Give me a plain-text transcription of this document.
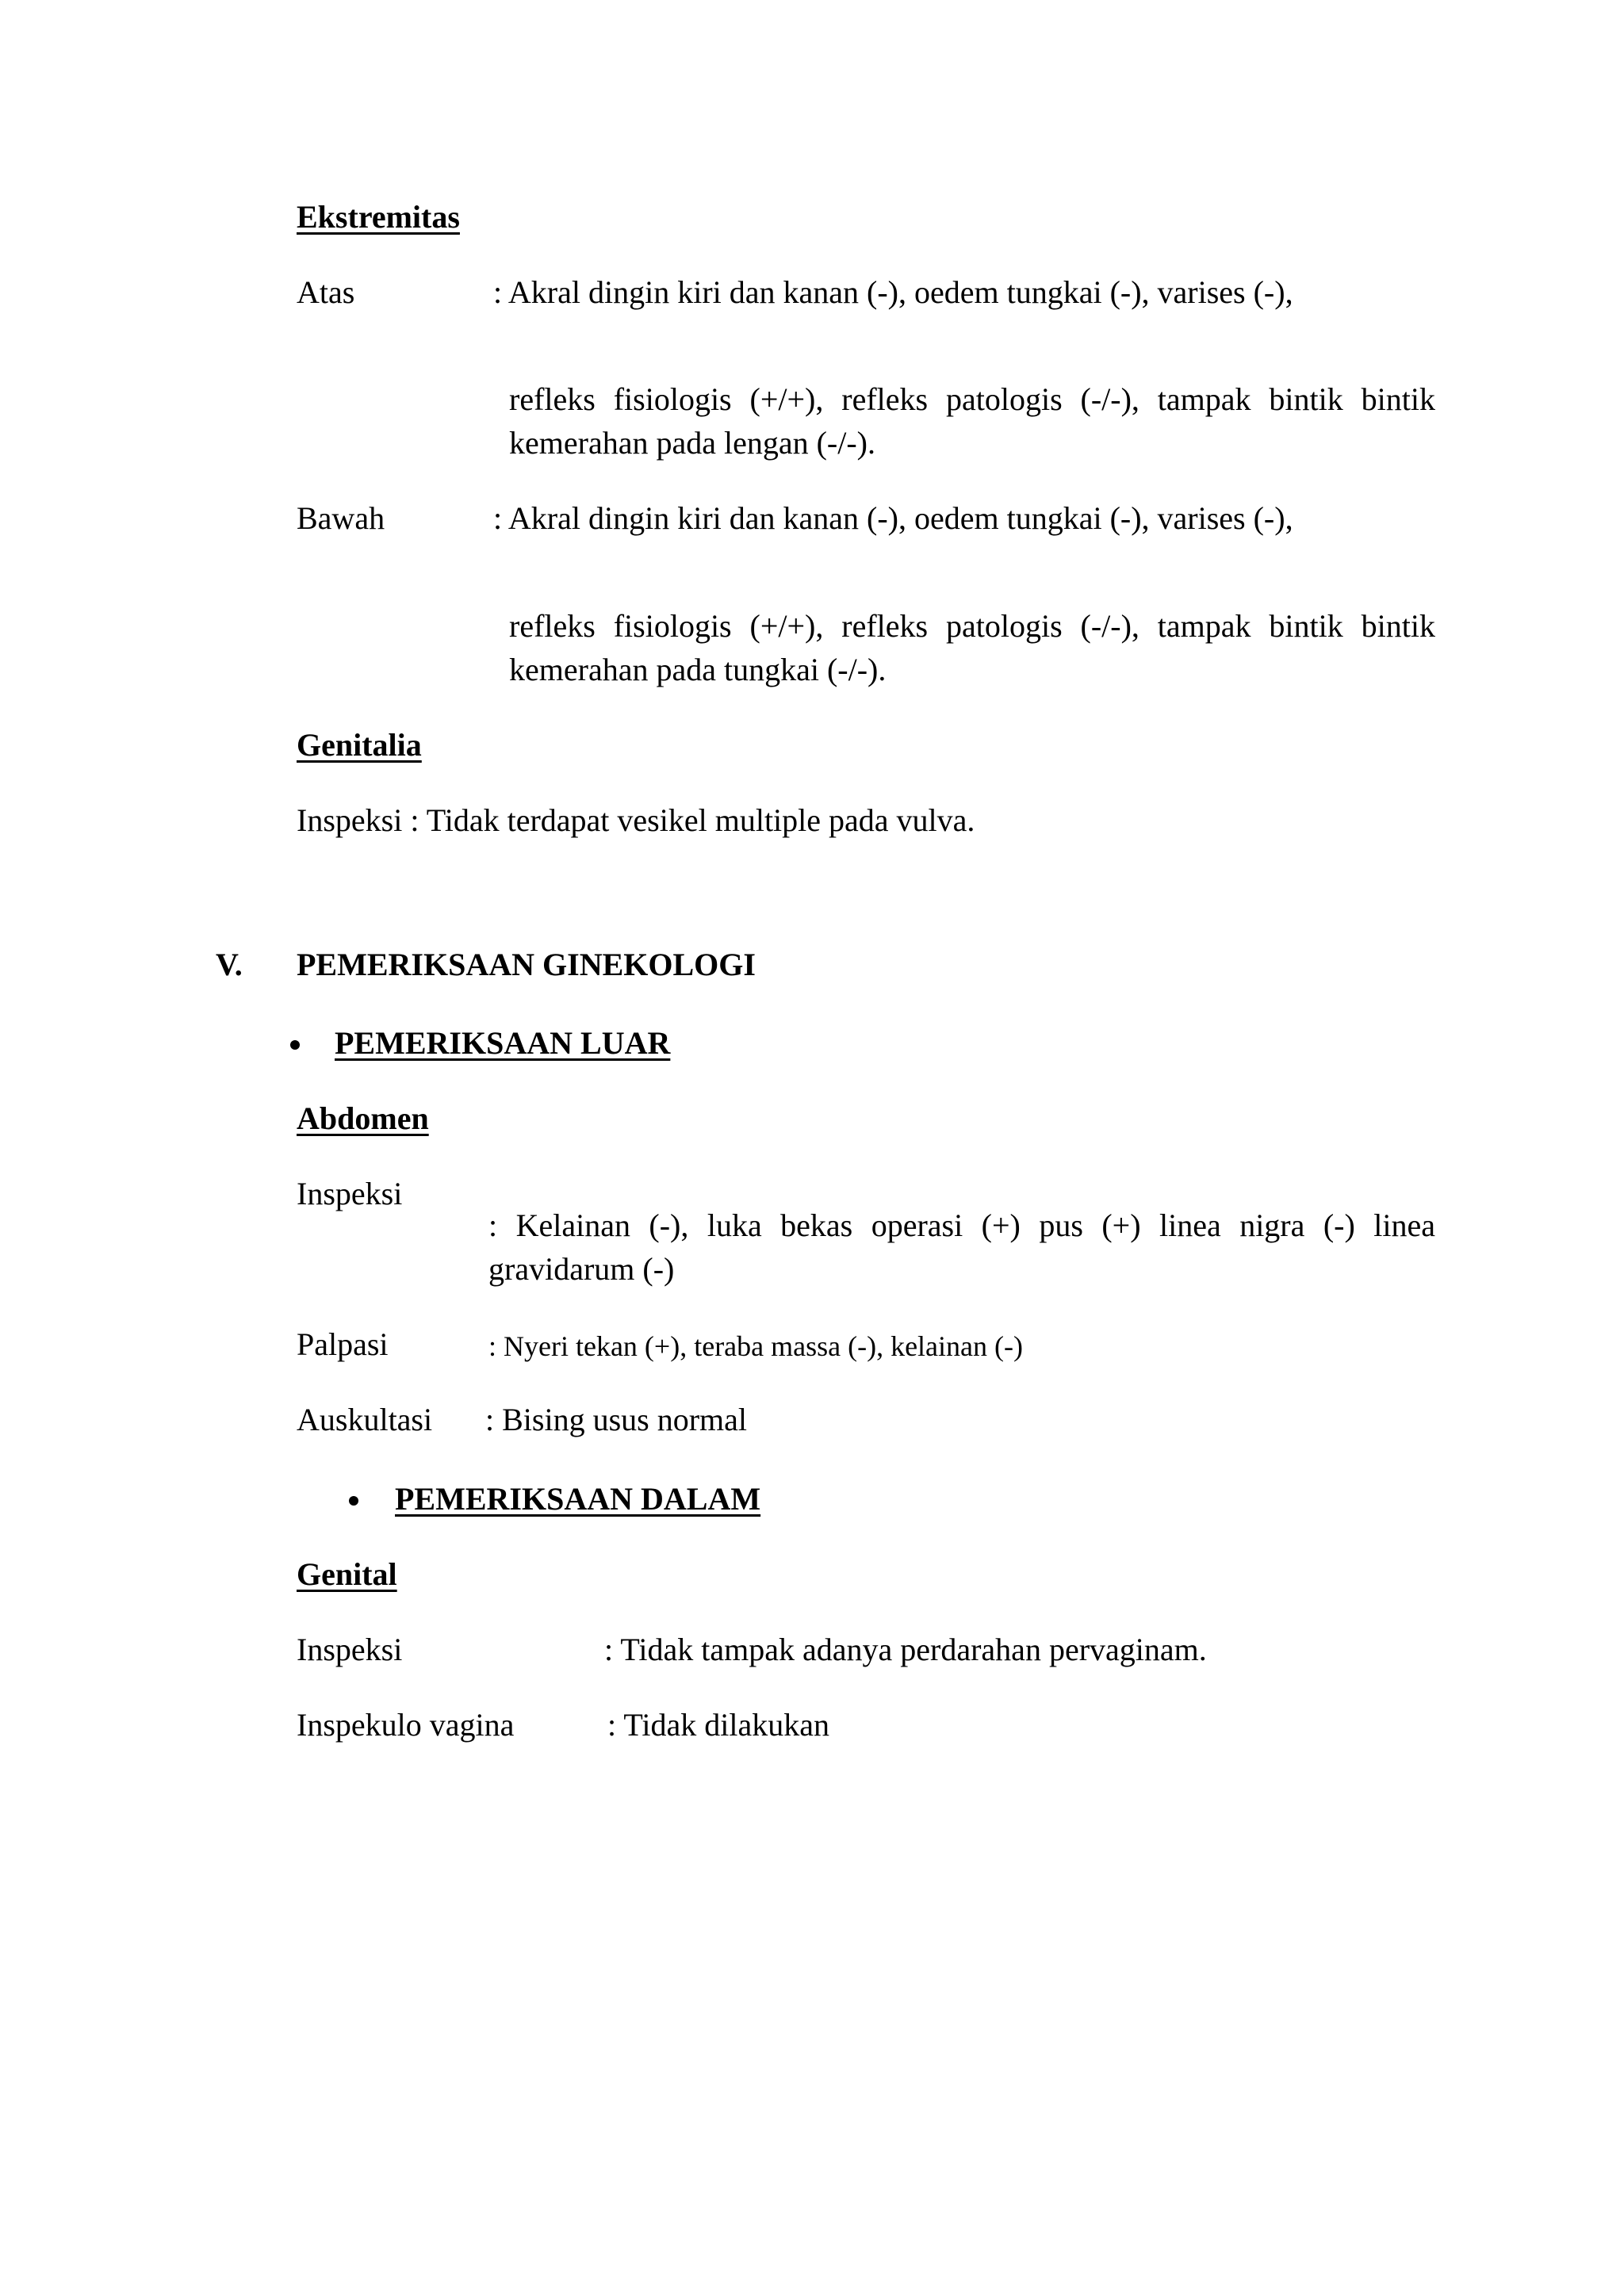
Ekstremitas

Atas	: Akral dingin kiri dan kanan (-), oedem tungkai (-), varises (-),

refleks fisiologis (+/+), refleks patologis (-/-), tampak bintik bintik

kemerahan pada lengan (-/-).

Bawah	: Akral dingin kiri dan kanan (-), oedem tungkai (-), varises (-),

refleks fisiologis (+/+), refleks patologis (-/-), tampak bintik bintik

kemerahan pada tungkai (-/-).

Genitalia

Inspeksi : Tidak terdapat vesikel multiple pada vulva.

V. PEMERIKSAAN GINEKOLOGI

PEMERIKSAAN LUAR

Abdomen

Inspeksi

: Kelainan (-), luka bekas operasi (+) pus (+) linea nigra (-) linea

gravidarum (-)

Palpasi	: Nyeri tekan (+), teraba massa (-), kelainan (-)

Auskultasi : Bising usus normal

PEMERIKSAAN DALAM

Genital

Inspeksi	: Tidak tampak adanya perdarahan pervaginam.

Inspekulo vagina	: Tidak dilakukan
